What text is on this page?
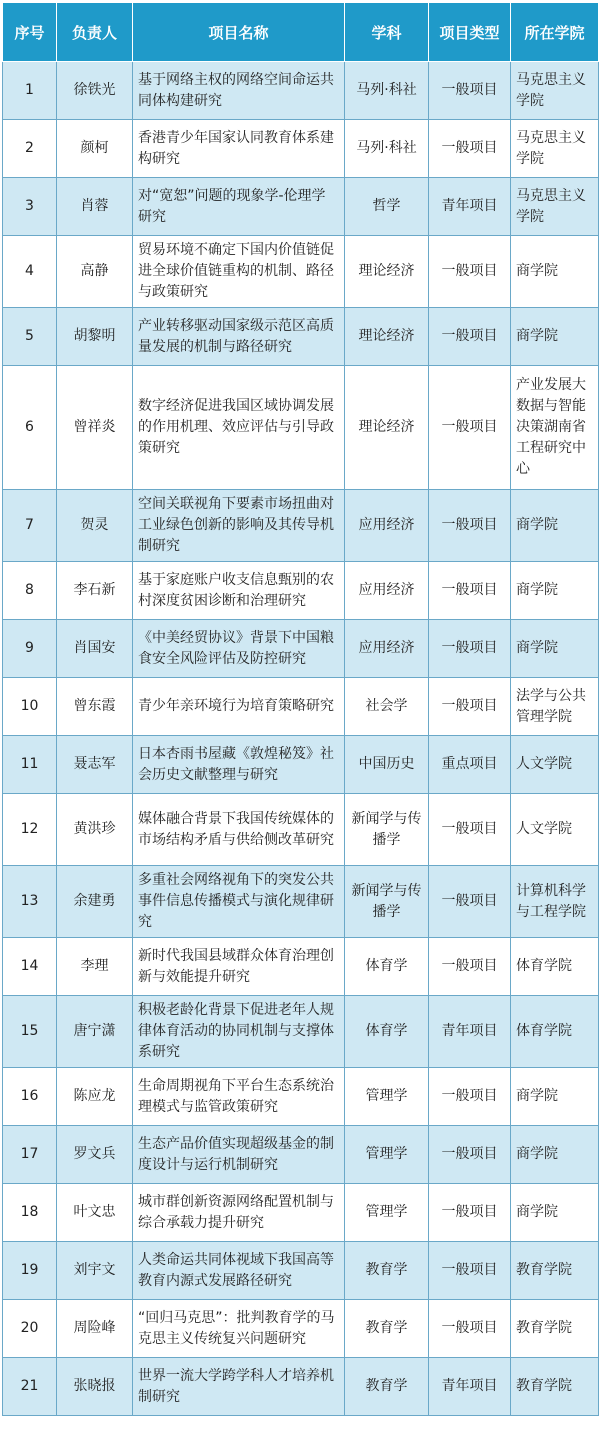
序号	负责人	项目名称	学科	项目类型	所在学院
1	徐铁光	基于网络主权的网络空间命运共同体构建研究	马列·科社	一般项目	马克思主义学院
2	颜柯	香港青少年国家认同教育体系建构研究	马列·科社	一般项目	马克思主义学院
3	肖蓉	对“宽恕”问题的现象学-伦理学研究	哲学	青年项目	马克思主义学院
4	高静	贸易环境不确定下国内价值链促进全球价值链重构的机制、路径与政策研究	理论经济	一般项目	商学院
5	胡黎明	产业转移驱动国家级示范区高质量发展的机制与路径研究	理论经济	一般项目	商学院
6	曾祥炎	数字经济促进我国区域协调发展的作用机理、效应评估与引导政策研究	理论经济	一般项目	产业发展大数据与智能决策湖南省工程研究中心
7	贺灵	空间关联视角下要素市场扭曲对工业绿色创新的影响及其传导机制研究	应用经济	一般项目	商学院
8	李石新	基于家庭账户收支信息甄别的农村深度贫困诊断和治理研究	应用经济	一般项目	商学院
9	肖国安	《中美经贸协议》背景下中国粮食安全风险评估及防控研究	应用经济	一般项目	商学院
10	曾东霞	青少年亲环境行为培育策略研究	社会学	一般项目	法学与公共管理学院
11	聂志军	日本杏雨书屋藏《敦煌秘笈》社会历史文献整理与研究	中国历史	重点项目	人文学院
12	黄洪珍	媒体融合背景下我国传统媒体的市场结构矛盾与供给侧改革研究	新闻学与传播学	一般项目	人文学院
13	余建勇	多重社会网络视角下的突发公共事件信息传播模式与演化规律研究	新闻学与传播学	一般项目	计算机科学与工程学院
14	李理	新时代我国县域群众体育治理创新与效能提升研究	体育学	一般项目	体育学院
15	唐宁潇	积极老龄化背景下促进老年人规律体育活动的协同机制与支撑体系研究	体育学	青年项目	体育学院
16	陈应龙	生命周期视角下平台生态系统治理模式与监管政策研究	管理学	一般项目	商学院
17	罗文兵	生态产品价值实现超级基金的制度设计与运行机制研究	管理学	一般项目	商学院
18	叶文忠	城市群创新资源网络配置机制与综合承载力提升研究	管理学	一般项目	商学院
19	刘宇文	人类命运共同体视域下我国高等教育内源式发展路径研究	教育学	一般项目	教育学院
20	周险峰	“回归马克思”：批判教育学的马克思主义传统复兴问题研究	教育学	一般项目	教育学院
21	张晓报	世界一流大学跨学科人才培养机制研究	教育学	青年项目	教育学院
